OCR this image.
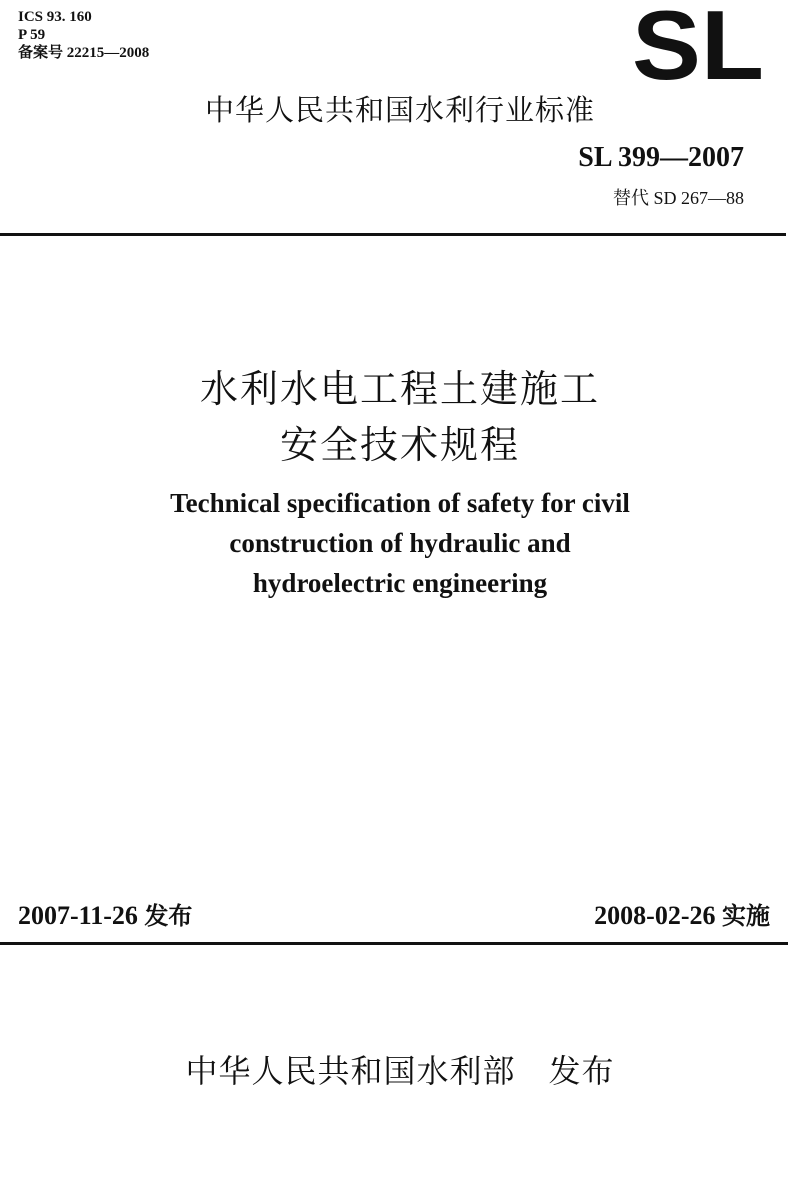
ICS 93. 160
P 59
备案号 22215—2008	SL
中华人民共和国水利行业标准
SL 399—2007
替代 SD 267—88
水利水电工程土建施工
安全技术规程
Technical specification of safety for civil
construction of hydraulic and
hydroelectric engineering
2007-11-26 发布	2008-02-26 实施
中华人民共和国水利部　发布
